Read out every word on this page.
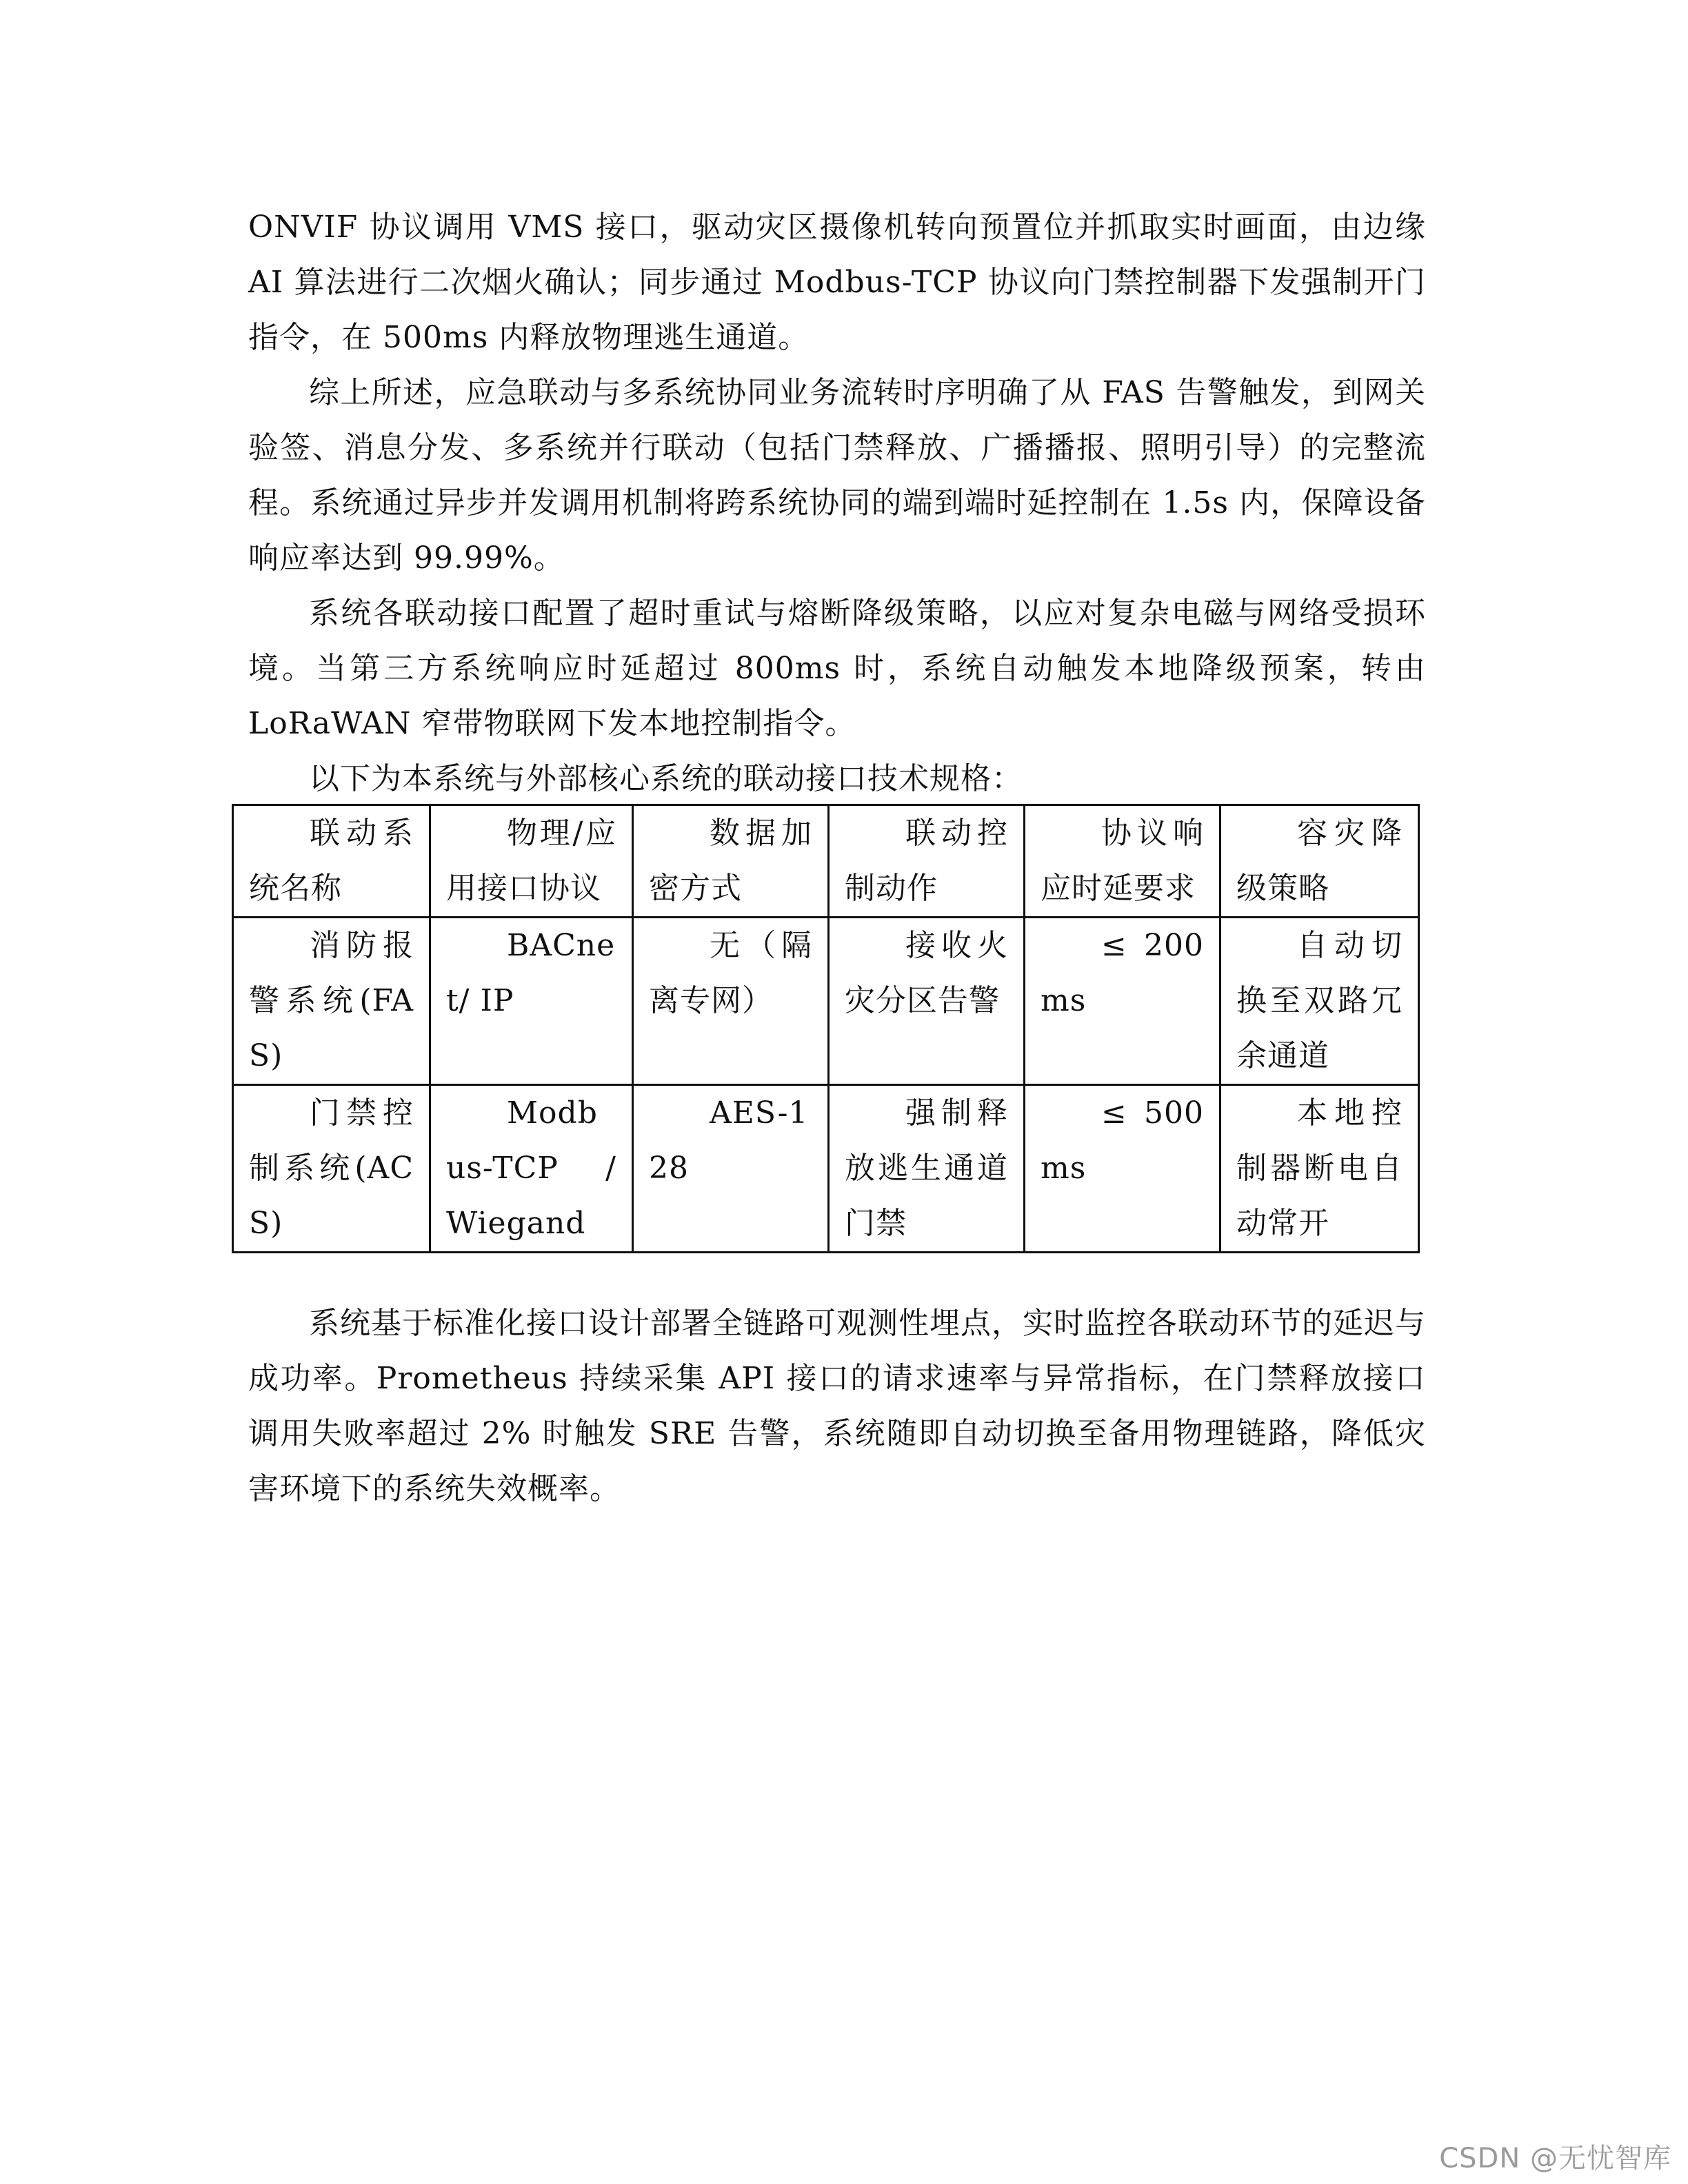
ONVIF 协议调用 VMS 接口，驱动灾区摄像机转向预置位并抓取实时画面，由边缘 AI 算法进行二次烟火确认；同步通过 Modbus-TCP 协议向门禁控制器下发强制开门指令，在 500ms 内释放物理逃生通道。

综上所述，应急联动与多系统协同业务流转时序明确了从 FAS 告警触发，到网关验签、消息分发、多系统并行联动（包括门禁释放、广播播报、照明引导）的完整流程。系统通过异步并发调用机制将跨系统协同的端到端时延控制在 1.5s 内，保障设备响应率达到 99.99%。

系统各联动接口配置了超时重试与熔断降级策略，以应对复杂电磁与网络受损环境。当第三方系统响应时延超过 800ms 时，系统自动触发本地降级预案，转由 LoRaWAN 窄带物联网下发本地控制指令。

以下为本系统与外部核心系统的联动接口技术规格：

联动系统名称	物理/应用接口协议	数据加密方式	联动控制动作	协议响应时延要求	容灾降级策略

消防报警系统(FAS)	BACnet/ IP	无（隔离专网）	接收火灾分区告警	≤ 200ms	自动切换至双路冗余通道

门禁控制系统(ACS)	Modbus-TCP / Wiegand	AES-128	强制释放逃生通道门禁	≤ 500ms	本地控制器断电自动常开

系统基于标准化接口设计部署全链路可观测性埋点，实时监控各联动环节的延迟与成功率。Prometheus 持续采集 API 接口的请求速率与异常指标，在门禁释放接口调用失败率超过 2% 时触发 SRE 告警，系统随即自动切换至备用物理链路，降低灾害环境下的系统失效概率。

CSDN @无忧智库
